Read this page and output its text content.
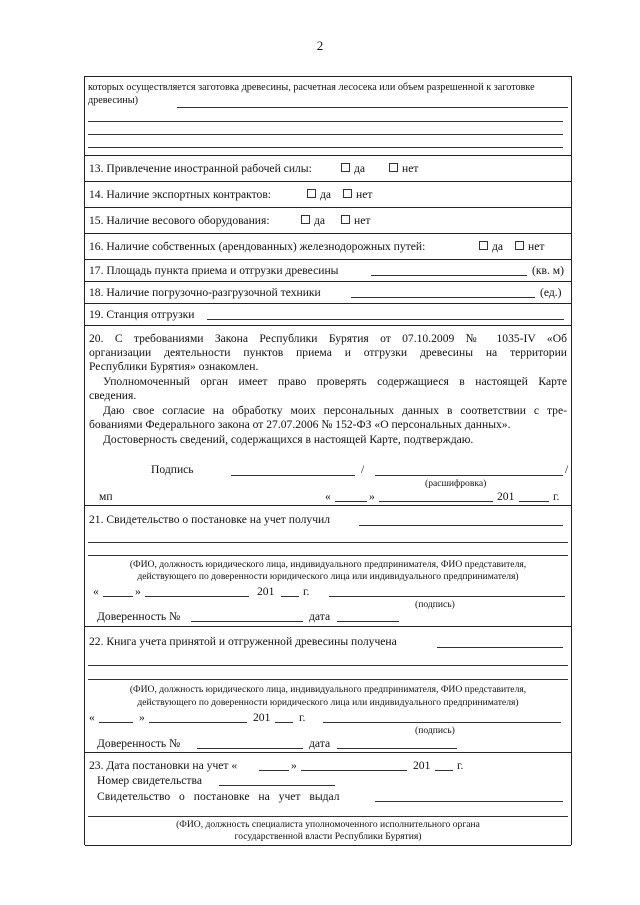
2
которых осуществляется заготовка древесины, расчетная лесосека или объем разрешенной к заготовке
древесины)
13. Привлечение иностранной рабочей силы:	да	нет
14. Наличие экспортных контрактов:	да	нет
15. Наличие весового оборудования:	да	нет
16. Наличие собственных (арендованных) железнодорожных путей:	да	нет
17. Площадь пункта приема и отгрузки древесины	(кв. м)
18. Наличие погрузочно-разгрузочной техники	(ед.)
19. Станция отгрузки
20. С требованиями Закона Республики Бурятия от 07.10.2009 № 1035-IV «Об
организации деятельности пунктов приема и отгрузки древесины на территории
Республики Бурятия» ознакомлен.
Уполномоченный орган имеет право проверять содержащиеся в настоящей Карте
сведения.
Даю свое согласие на обработку моих персональных данных в соответствии с тре-
бованиями Федерального закона от 27.07.2006 № 152-ФЗ «О персональных данных».
Достоверность сведений, содержащихся в настоящей Карте, подтверждаю.
Подпись	/	/
(расшифровка)
мп	«	»	201	г.
21. Свидетельство о постановке на учет получил
(ФИО, должность юридического лица, индивидуального предпринимателя, ФИО представителя,
действующего по доверенности юридического лица или индивидуального предпринимателя)
«	»	201 г.
(подпись)
Доверенность №	дата
22. Книга учета принятой и отгруженной древесины получена
(ФИО, должность юридического лица, индивидуального предпринимателя, ФИО представителя,
действующего по доверенности юридического лица или индивидуального предпринимателя)
«	»	201 г.
(подпись)
Доверенность №	дата
23. Дата постановки на учет «	»	201 г.
Номер свидетельства
Свидетельство о постановке на учет выдал
(ФИО, должность специалиста уполномоченного исполнительного органа
государственной власти Республики Бурятия)
